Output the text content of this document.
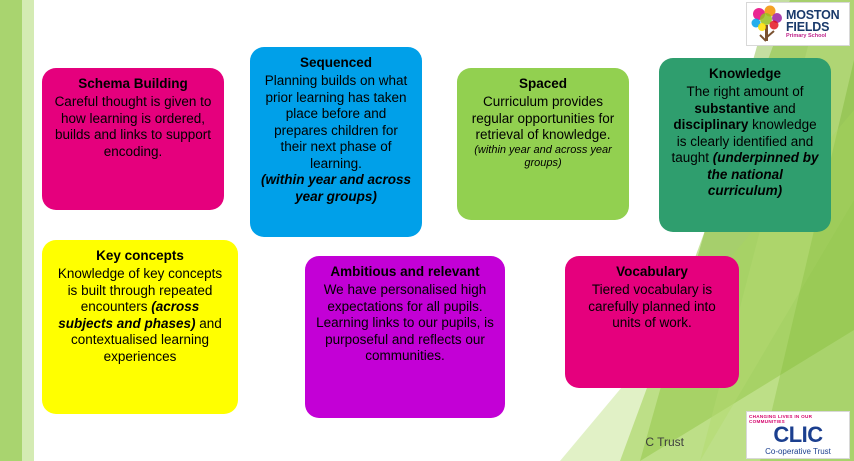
Schema Building
Careful thought is given to how learning is ordered, builds and links to support encoding.
Sequenced
Planning builds on what prior learning has taken place before and prepares children for their next phase of learning.
(within year and across year groups)
Spaced
Curriculum provides regular opportunities for retrieval of knowledge.
(within year and across year groups)
Knowledge
The right amount of substantive and disciplinary knowledge is clearly identified and taught (underpinned by the national curriculum)
Key concepts
Knowledge of key concepts is built through repeated encounters (across subjects and phases) and contextualised learning experiences
Ambitious and relevant
We have personalised high expectations for all pupils. Learning links to our pupils, is purposeful and reflects our communities.
Vocabulary
Tiered vocabulary is carefully planned into units of work.
C Trust
MOSTON
FIELDS
Primary School
CHANGING LIVES IN OUR COMMUNITIES
CLIC
Co-operative Trust
